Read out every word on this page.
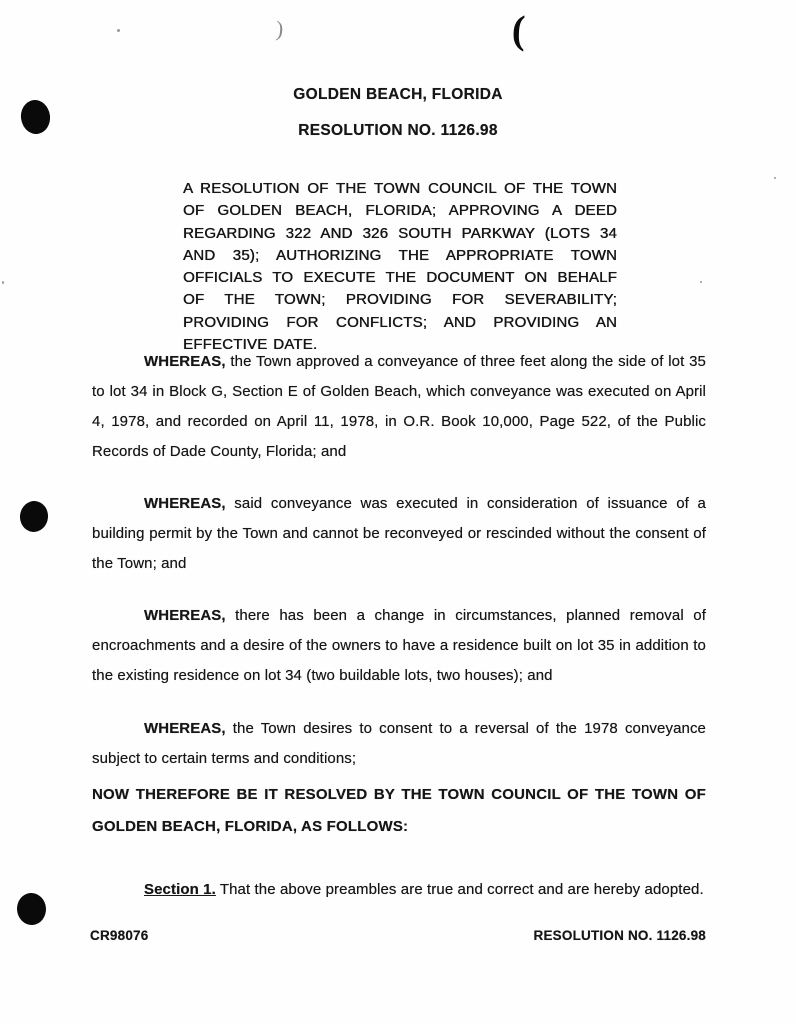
(
)
GOLDEN BEACH, FLORIDA
RESOLUTION NO. 1126.98
A RESOLUTION OF THE TOWN COUNCIL OF THE TOWN OF GOLDEN BEACH, FLORIDA; APPROVING A DEED REGARDING 322 AND 326 SOUTH PARKWAY (LOTS 34 AND 35); AUTHORIZING THE APPROPRIATE TOWN OFFICIALS TO EXECUTE THE DOCUMENT ON BEHALF OF THE TOWN; PROVIDING FOR SEVERABILITY; PROVIDING FOR CONFLICTS; AND PROVIDING AN EFFECTIVE DATE.

WHEREAS, the Town approved a conveyance of three feet along the side of lot 35 to lot 34 in Block G, Section E of Golden Beach, which conveyance was executed on April 4, 1978, and recorded on April 11, 1978, in O.R. Book 10,000, Page 522, of the Public Records of Dade County, Florida; and

WHEREAS, said conveyance was executed in consideration of issuance of a building permit by the Town and cannot be reconveyed or rescinded without the consent of the Town; and

WHEREAS, there has been a change in circumstances, planned removal of encroachments and a desire of the owners to have a residence built on lot 35 in addition to the existing residence on lot 34 (two buildable lots, two houses); and

WHEREAS, the Town desires to consent to a reversal of the 1978 conveyance subject to certain terms and conditions;

NOW THEREFORE BE IT RESOLVED BY THE TOWN COUNCIL OF THE TOWN OF GOLDEN BEACH, FLORIDA, AS FOLLOWS:

Section 1. That the above preambles are true and correct and are hereby adopted.

CR98076	RESOLUTION NO. 1126.98
